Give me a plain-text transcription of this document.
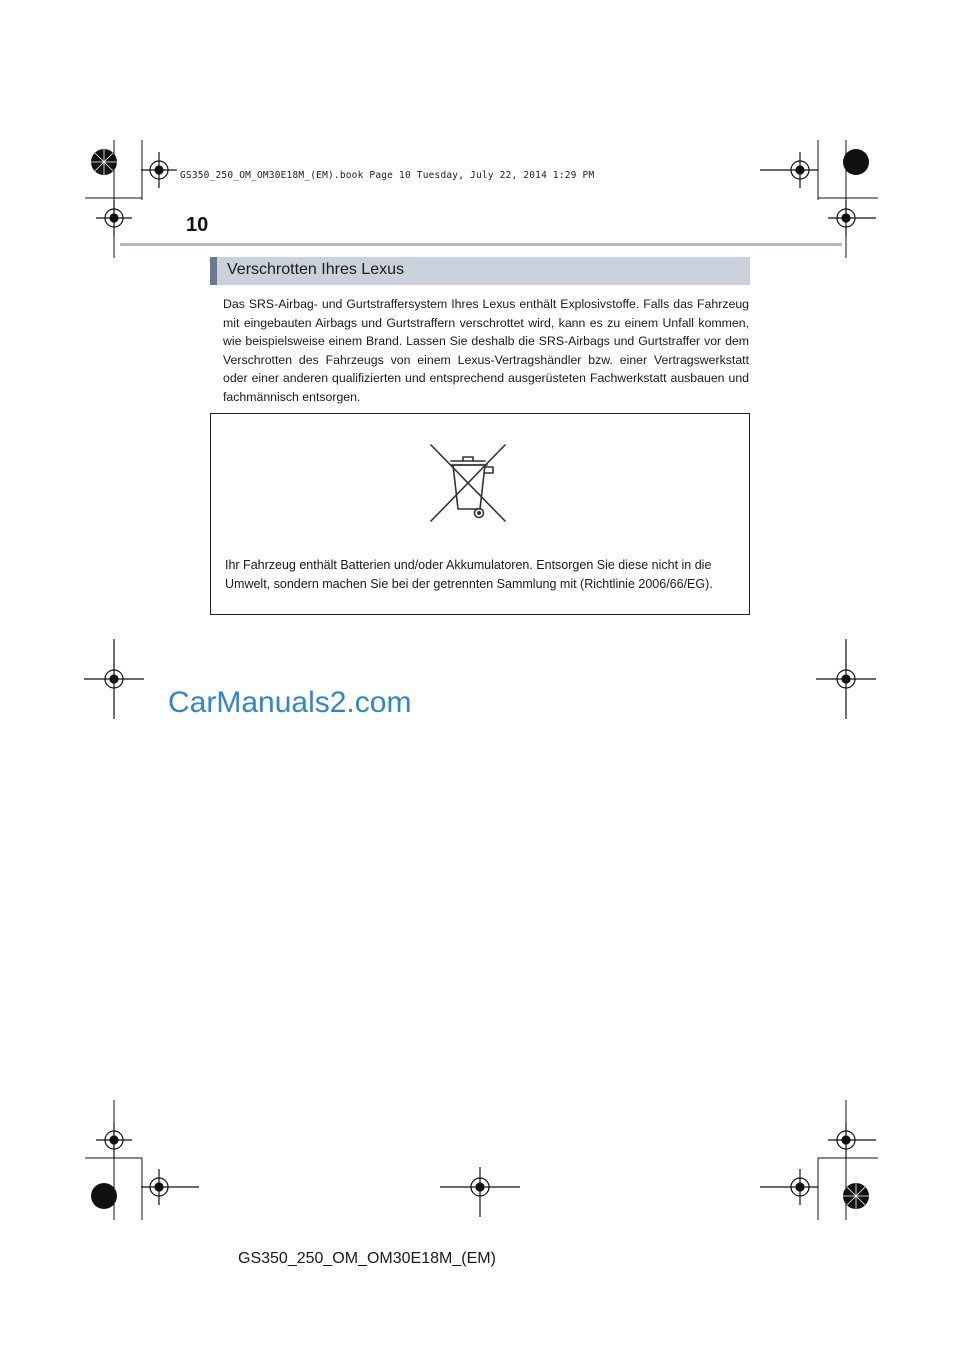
GS350_250_OM_OM30E18M_(EM).book Page 10 Tuesday, July 22, 2014 1:29 PM
10
Verschrotten Ihres Lexus

Das SRS-Airbag- und Gurtstraffersystem Ihres Lexus enthält Explosivstoffe. Falls das Fahrzeug mit eingebauten Airbags und Gurtstraffern verschrottet wird, kann es zu einem Unfall kommen, wie beispielsweise einem Brand. Lassen Sie deshalb die SRS-Airbags und Gurtstraffer vor dem Verschrotten des Fahrzeugs von einem Lexus-Vertragshändler bzw. einer Vertragswerkstatt oder einer anderen qualifizierten und entsprechend ausgerüsteten Fachwerkstatt ausbauen und fachmännisch entsorgen.

Ihr Fahrzeug enthält Batterien und/oder Akkumulatoren. Entsorgen Sie diese nicht in die Umwelt, sondern machen Sie bei der getrennten Sammlung mit (Richtlinie 2006/66/EG).

CarManuals2.com
GS350_250_OM_OM30E18M_(EM)
